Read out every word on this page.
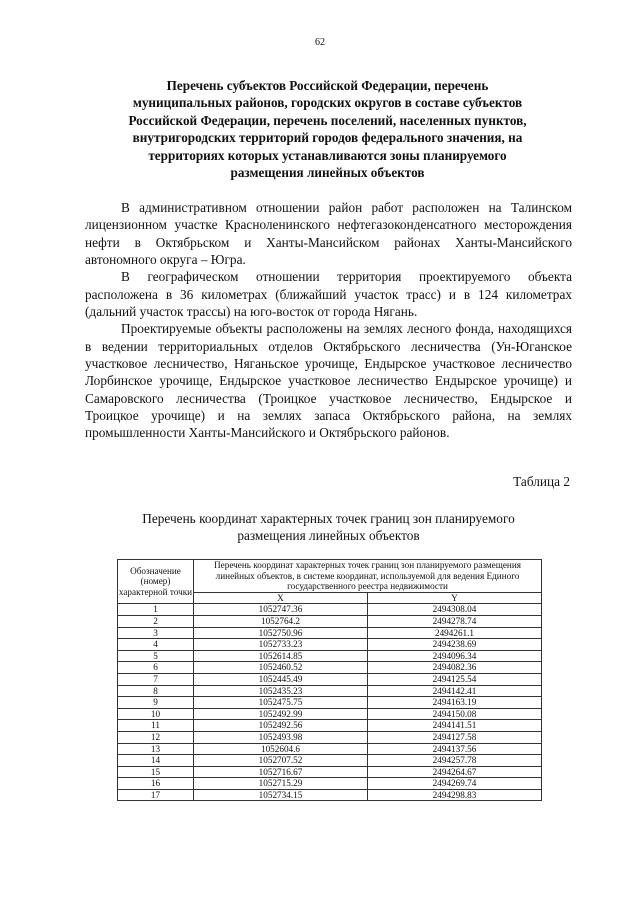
62
Перечень субъектов Российской Федерации, перечень
муниципальных районов, городских округов в составе субъектов
Российской Федерации, перечень поселений, населенных пунктов,
внутригородских территорий городов федерального значения, на
территориях которых устанавливаются зоны планируемого
размещения линейных объектов

В административном отношении район работ расположен на Талинском лицензионном участке Красноленинского нефтегазоконденсатного месторождения нефти в Октябрьском и Ханты-Мансийском районах Ханты-Мансийского автономного округа – Югра.

В географическом отношении территория проектируемого объекта расположена в 36 километрах (ближайший участок трасс) и в 124 километрах (дальний участок трассы) на юго-восток от города Нягань.

Проектируемые объекты расположены на землях лесного фонда, находящихся в ведении территориальных отделов Октябрьского лесничества (Ун-Юганское участковое лесничество, Няганьское урочище, Ендырское участковое лесничество Лорбинское урочище, Ендырское участковое лесничество Ендырское урочище) и Самаровского лесничества (Троицкое участковое лесничество, Ендырское и Троицкое урочище) и на землях запаса Октябрьского района, на землях промышленности Ханты-Мансийского и Октябрьского районов.

Таблица 2
Перечень координат характерных точек границ зон планируемого
размещения линейных объектов
Обозначение (номер) характерной точки	Перечень координат характерных точек границ зон планируемого размещения линейных объектов, в системе координат, используемой для ведения Единого государственного реестра недвижимости	
	X	Y
1	1052747.36	2494308.04
2	1052764.2	2494278.74
3	1052750.96	2494261.1
4	1052733.23	2494238.69
5	1052614.85	2494096.34
6	1052460.52	2494082.36
7	1052445.49	2494125.54
8	1052435.23	2494142.41
9	1052475.75	2494163.19
10	1052492.99	2494150.08
11	1052492.56	2494141.51
12	1052493.98	2494127.58
13	1052604.6	2494137.56
14	1052707.52	2494257.78
15	1052716.67	2494264.67
16	1052715.29	2494269.74
17	1052734.15	2494298.83
